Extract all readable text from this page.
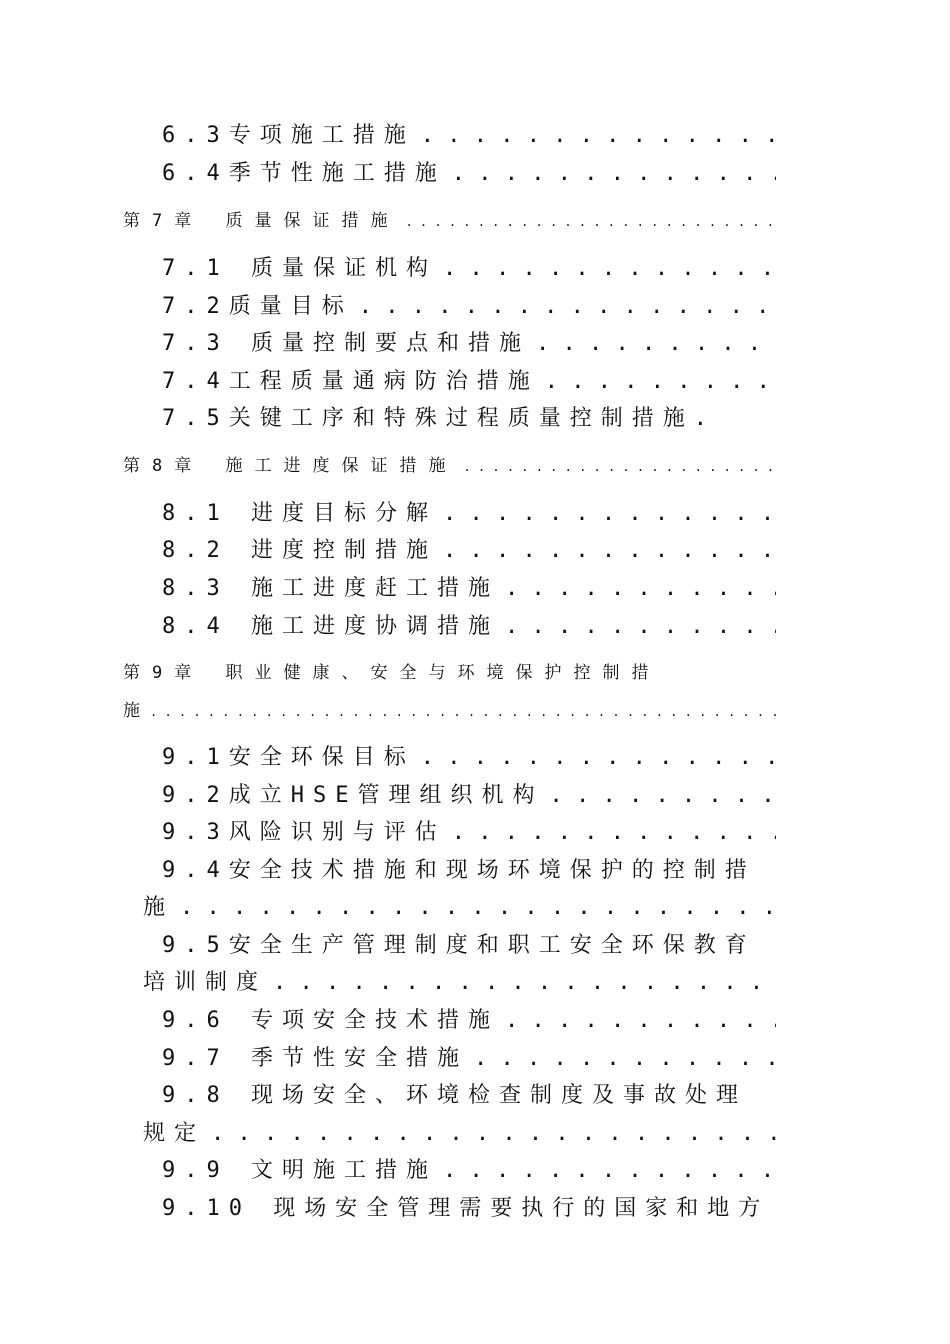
6.3专项施工措施
. . .
6.4季节性施工措施
. . .
第7章 质量保证措施
. . .
7.1 质量保证机构
. . .
7.2质量目标
. . .
7.3 质量控制要点和措施
. . .
7.4工程质量通病防治措施
. . .
7.5关键工序和特殊过程质量控制措施.
第8章 施工进度保证措施
. . .
8.1 进度目标分解
. . .
8.2 进度控制措施
. . .
8.3 施工进度赶工措施
. . .
8.4 施工进度协调措施
. . .
第9章 职业健康、安全与环境保护控制措
施
. . .
9.1安全环保目标
. . .
9.2成立HSE管理组织机构
. . .
9.3风险识别与评估
. . .
9.4安全技术措施和现场环境保护的控制措
施
. . .
9.5安全生产管理制度和职工安全环保教育
培训制度
. . .
9.6 专项安全技术措施
. . .
9.7 季节性安全措施
. . .
9.8 现场安全、环境检查制度及事故处理
规定
. . .
9.9 文明施工措施
. . .
9.10 现场安全管理需要执行的国家和地方
